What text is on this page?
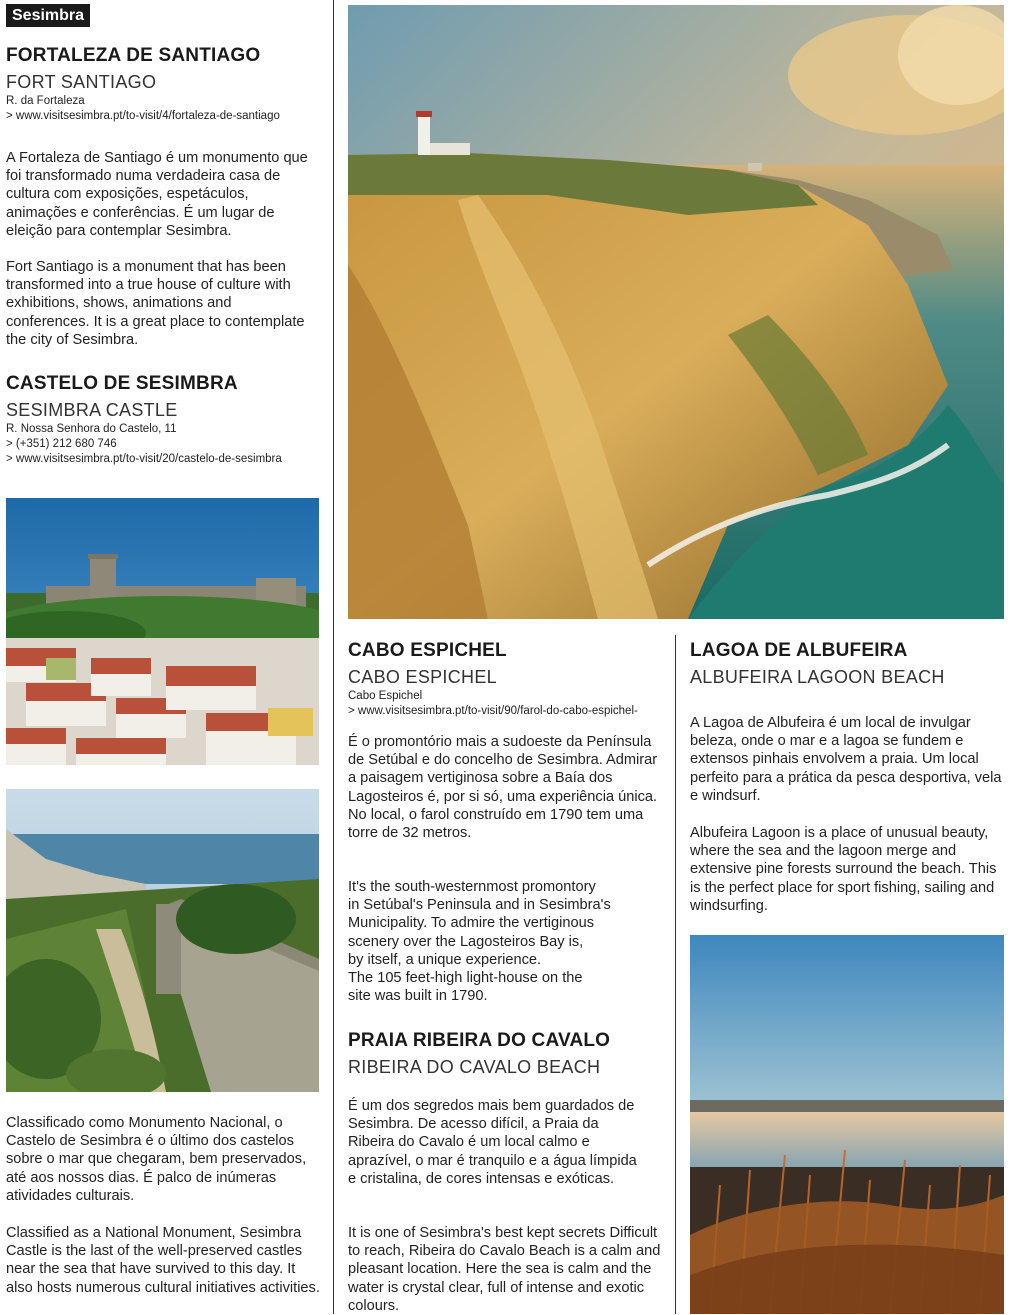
Sesimbra
FORTALEZA DE SANTIAGO
FORT SANTIAGO
R. da Fortaleza
> www.visitsesimbra.pt/to-visit/4/fortaleza-de-santiago

A Fortaleza de Santiago é um monumento que foi transformado numa verdadeira casa de cultura com exposições, espetáculos, animações e conferências. É um lugar de eleição para contemplar Sesimbra.

Fort Santiago is a monument that has been transformed into a true house of culture with exhibitions, shows, animations and conferences. It is a great place to contemplate the city of Sesimbra.

CASTELO DE SESIMBRA
SESIMBRA CASTLE
R. Nossa Senhora do Castelo, 11
> (+351) 212 680 746
> www.visitsesimbra.pt/to-visit/20/castelo-de-sesimbra

Classificado como Monumento Nacional, o Castelo de Sesimbra é o último dos castelos sobre o mar que chegaram, bem preservados, até aos nossos dias. É palco de inúmeras atividades culturais.

Classified as a National Monument, Sesimbra Castle is the last of the well-preserved castles near the sea that have survived to this day. It also hosts numerous cultural initiatives activities.

CABO ESPICHEL
CABO ESPICHEL
Cabo Espichel
> www.visitsesimbra.pt/to-visit/90/farol-do-cabo-espichel-

É o promontório mais a sudoeste da Península de Setúbal e do concelho de Sesimbra. Admirar a paisagem vertiginosa sobre a Baía dos Lagosteiros é, por si só, uma experiência única. No local, o farol construído em 1790 tem uma torre de 32 metros.

It's the south-westernmost promontory
in Setúbal's Peninsula and in Sesimbra's
Municipality. To admire the vertiginous
scenery over the Lagosteiros Bay is,
by itself, a unique experience.
The 105 feet-high light-house on the
site was built in 1790.
PRAIA RIBEIRA DO CAVALO
RIBEIRA DO CAVALO BEACH

É um dos segredos mais bem guardados de Sesimbra. De acesso difícil, a Praia da Ribeira do Cavalo é um local calmo e aprazível, o mar é tranquilo e a água límpida e cristalina, de cores intensas e exóticas.

It is one of Sesimbra's best kept secrets Difficult to reach, Ribeira do Cavalo Beach is a calm and pleasant location. Here the sea is calm and the water is crystal clear, full of intense and exotic colours.

LAGOA DE ALBUFEIRA
ALBUFEIRA LAGOON BEACH

A Lagoa de Albufeira é um local de invulgar beleza, onde o mar e a lagoa se fundem e extensos pinhais envolvem a praia. Um local perfeito para a prática da pesca desportiva, vela e windsurf.

Albufeira Lagoon is a place of unusual beauty, where the sea and the lagoon merge and extensive pine forests surround the beach. This is the perfect place for sport fishing, sailing and windsurfing.
